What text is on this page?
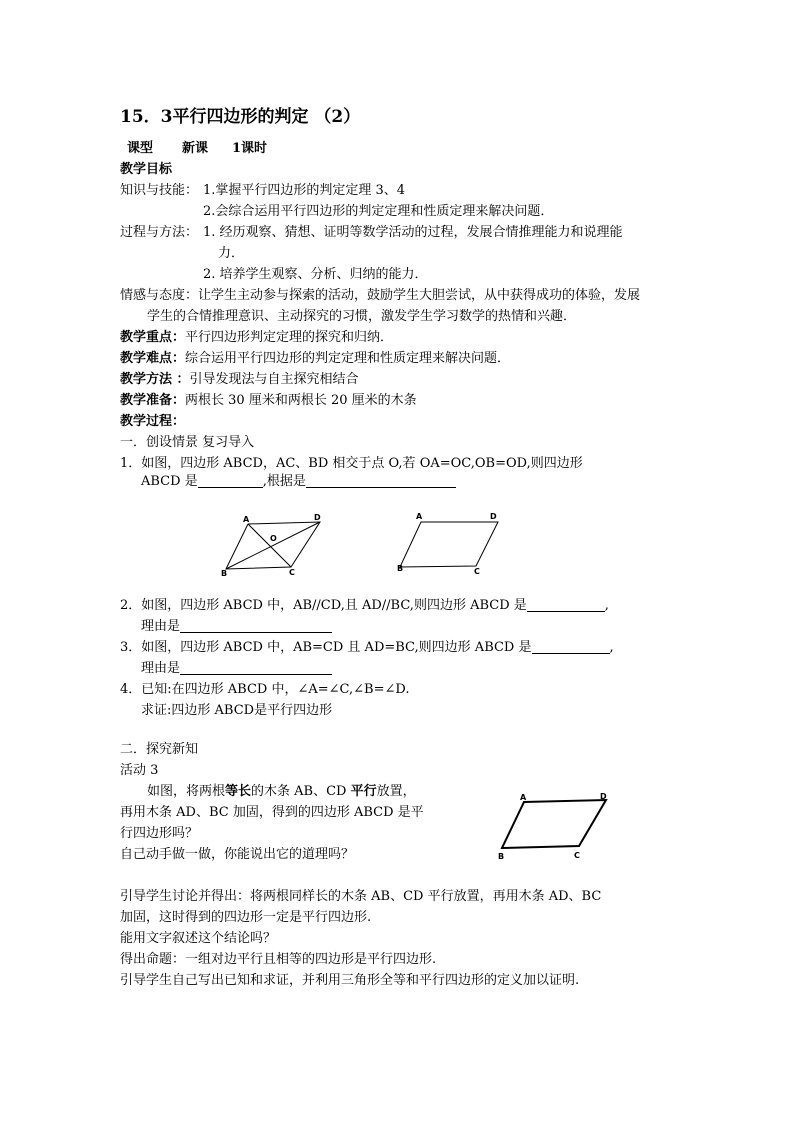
15．3平行四边形的判定 （2）
课型 新课 1课时
教学目标
知识与技能： 1.掌握平行四边形的判定定理 3、4
2.会综合运用平行四边形的判定定理和性质定理来解决问题．
过程与方法： 1. 经历观察、猜想、证明等数学活动的过程，发展合情推理能力和说理能
力．
2. 培养学生观察、分析、归纳的能力．
情感与态度：让学生主动参与探索的活动，鼓励学生大胆尝试，从中获得成功的体验，发展
学生的合情推理意识、主动探究的习惯，激发学生学习数学的热情和兴趣．
教学重点：平行四边形判定定理的探究和归纳．
教学难点：综合运用平行四边形的判定定理和性质定理来解决问题．
教学方法 ：引导发现法与自主探究相结合
教学准备：两根长 30 厘米和两根长 20 厘米的木条
教学过程：
一．创设情景 复习导入
1．如图，四边形 ABCD，AC、BD 相交于点 O,若 OA=OC,OB=OD,则四边形
ABCD 是	,根据是
A	D
O
B	C
A	D
B	C
2．如图，四边形 ABCD 中，AB//CD,且 AD//BC,则四边形 ABCD 是	,
理由是
3．如图，四边形 ABCD 中，AB=CD 且 AD=BC,则四边形 ABCD 是	,
理由是
4．已知:在四边形 ABCD 中，∠A=∠C,∠B=∠D.
求证:四边形 ABCD是平行四边形
二．探究新知
活动 3
如图，将两根等长的木条 AB、CD 平行放置，
再用木条 AD、BC 加固，得到的四边形 ABCD 是平
行四边形吗？
自己动手做一做，你能说出它的道理吗？
A	D
B	C
引导学生讨论并得出：将两根同样长的木条 AB、CD 平行放置，再用木条 AD、BC
加固，这时得到的四边形一定是平行四边形.
能用文字叙述这个结论吗？
得出命题：一组对边平行且相等的四边形是平行四边形.
引导学生自己写出已知和求证，并利用三角形全等和平行四边形的定义加以证明.
